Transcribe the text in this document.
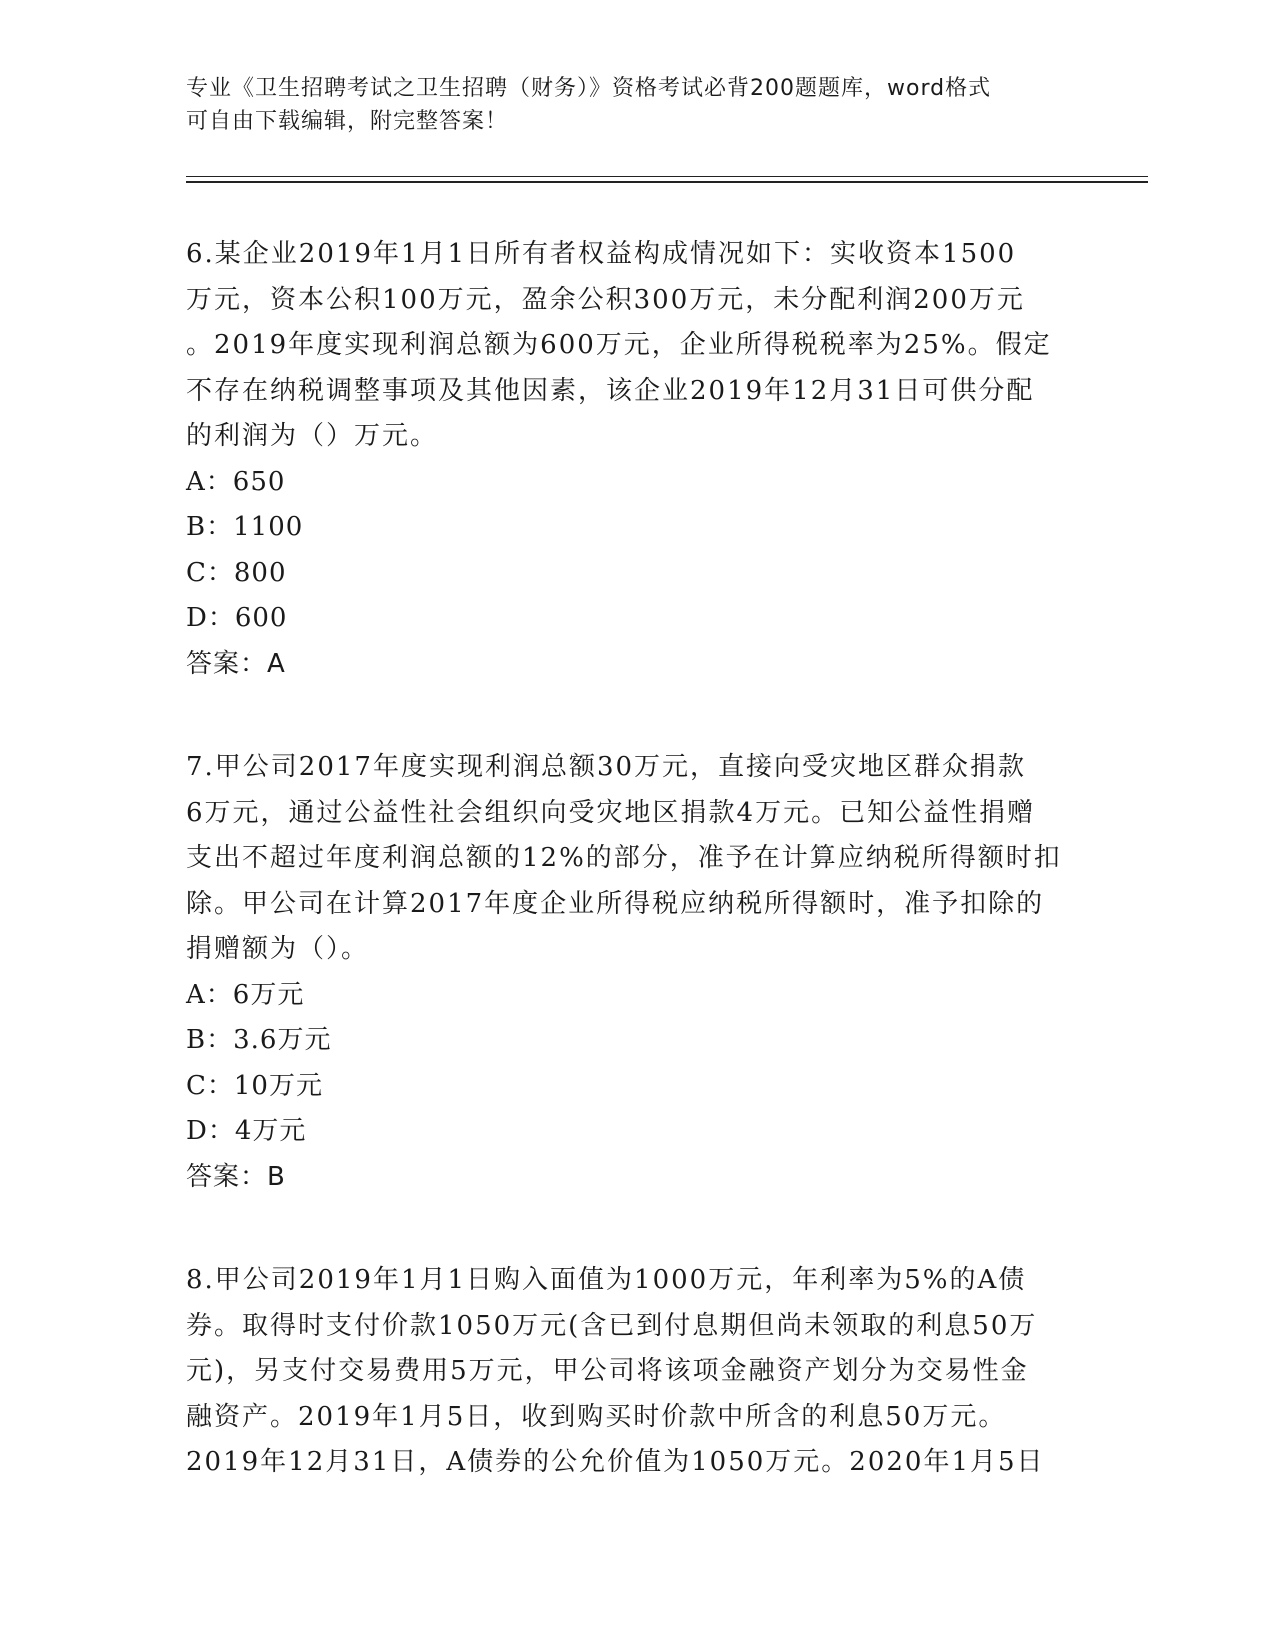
专业《卫生招聘考试之卫生招聘（财务）》资格考试必背200题题库，word格式
可自由下载编辑，附完整答案！

6.某企业2019年1月1日所有者权益构成情况如下：实收资本1500

万元，资本公积100万元，盈余公积300万元，未分配利润200万元

。2019年度实现利润总额为600万元，企业所得税税率为25%。假定

不存在纳税调整事项及其他因素，该企业2019年12月31日可供分配

的利润为（）万元。

A：650

B：1100

C：800

D：600

答案：A

7.甲公司2017年度实现利润总额30万元，直接向受灾地区群众捐款

6万元，通过公益性社会组织向受灾地区捐款4万元。已知公益性捐赠

支出不超过年度利润总额的12%的部分，准予在计算应纳税所得额时扣

除。甲公司在计算2017年度企业所得税应纳税所得额时，准予扣除的

捐赠额为（）。

A：6万元

B：3.6万元

C：10万元

D：4万元

答案：B

8.甲公司2019年1月1日购入面值为1000万元，年利率为5%的A债

券。取得时支付价款1050万元(含已到付息期但尚未领取的利息50万

元)，另支付交易费用5万元，甲公司将该项金融资产划分为交易性金

融资产。2019年1月5日，收到购买时价款中所含的利息50万元。

2019年12月31日，A债券的公允价值为1050万元。2020年1月5日
